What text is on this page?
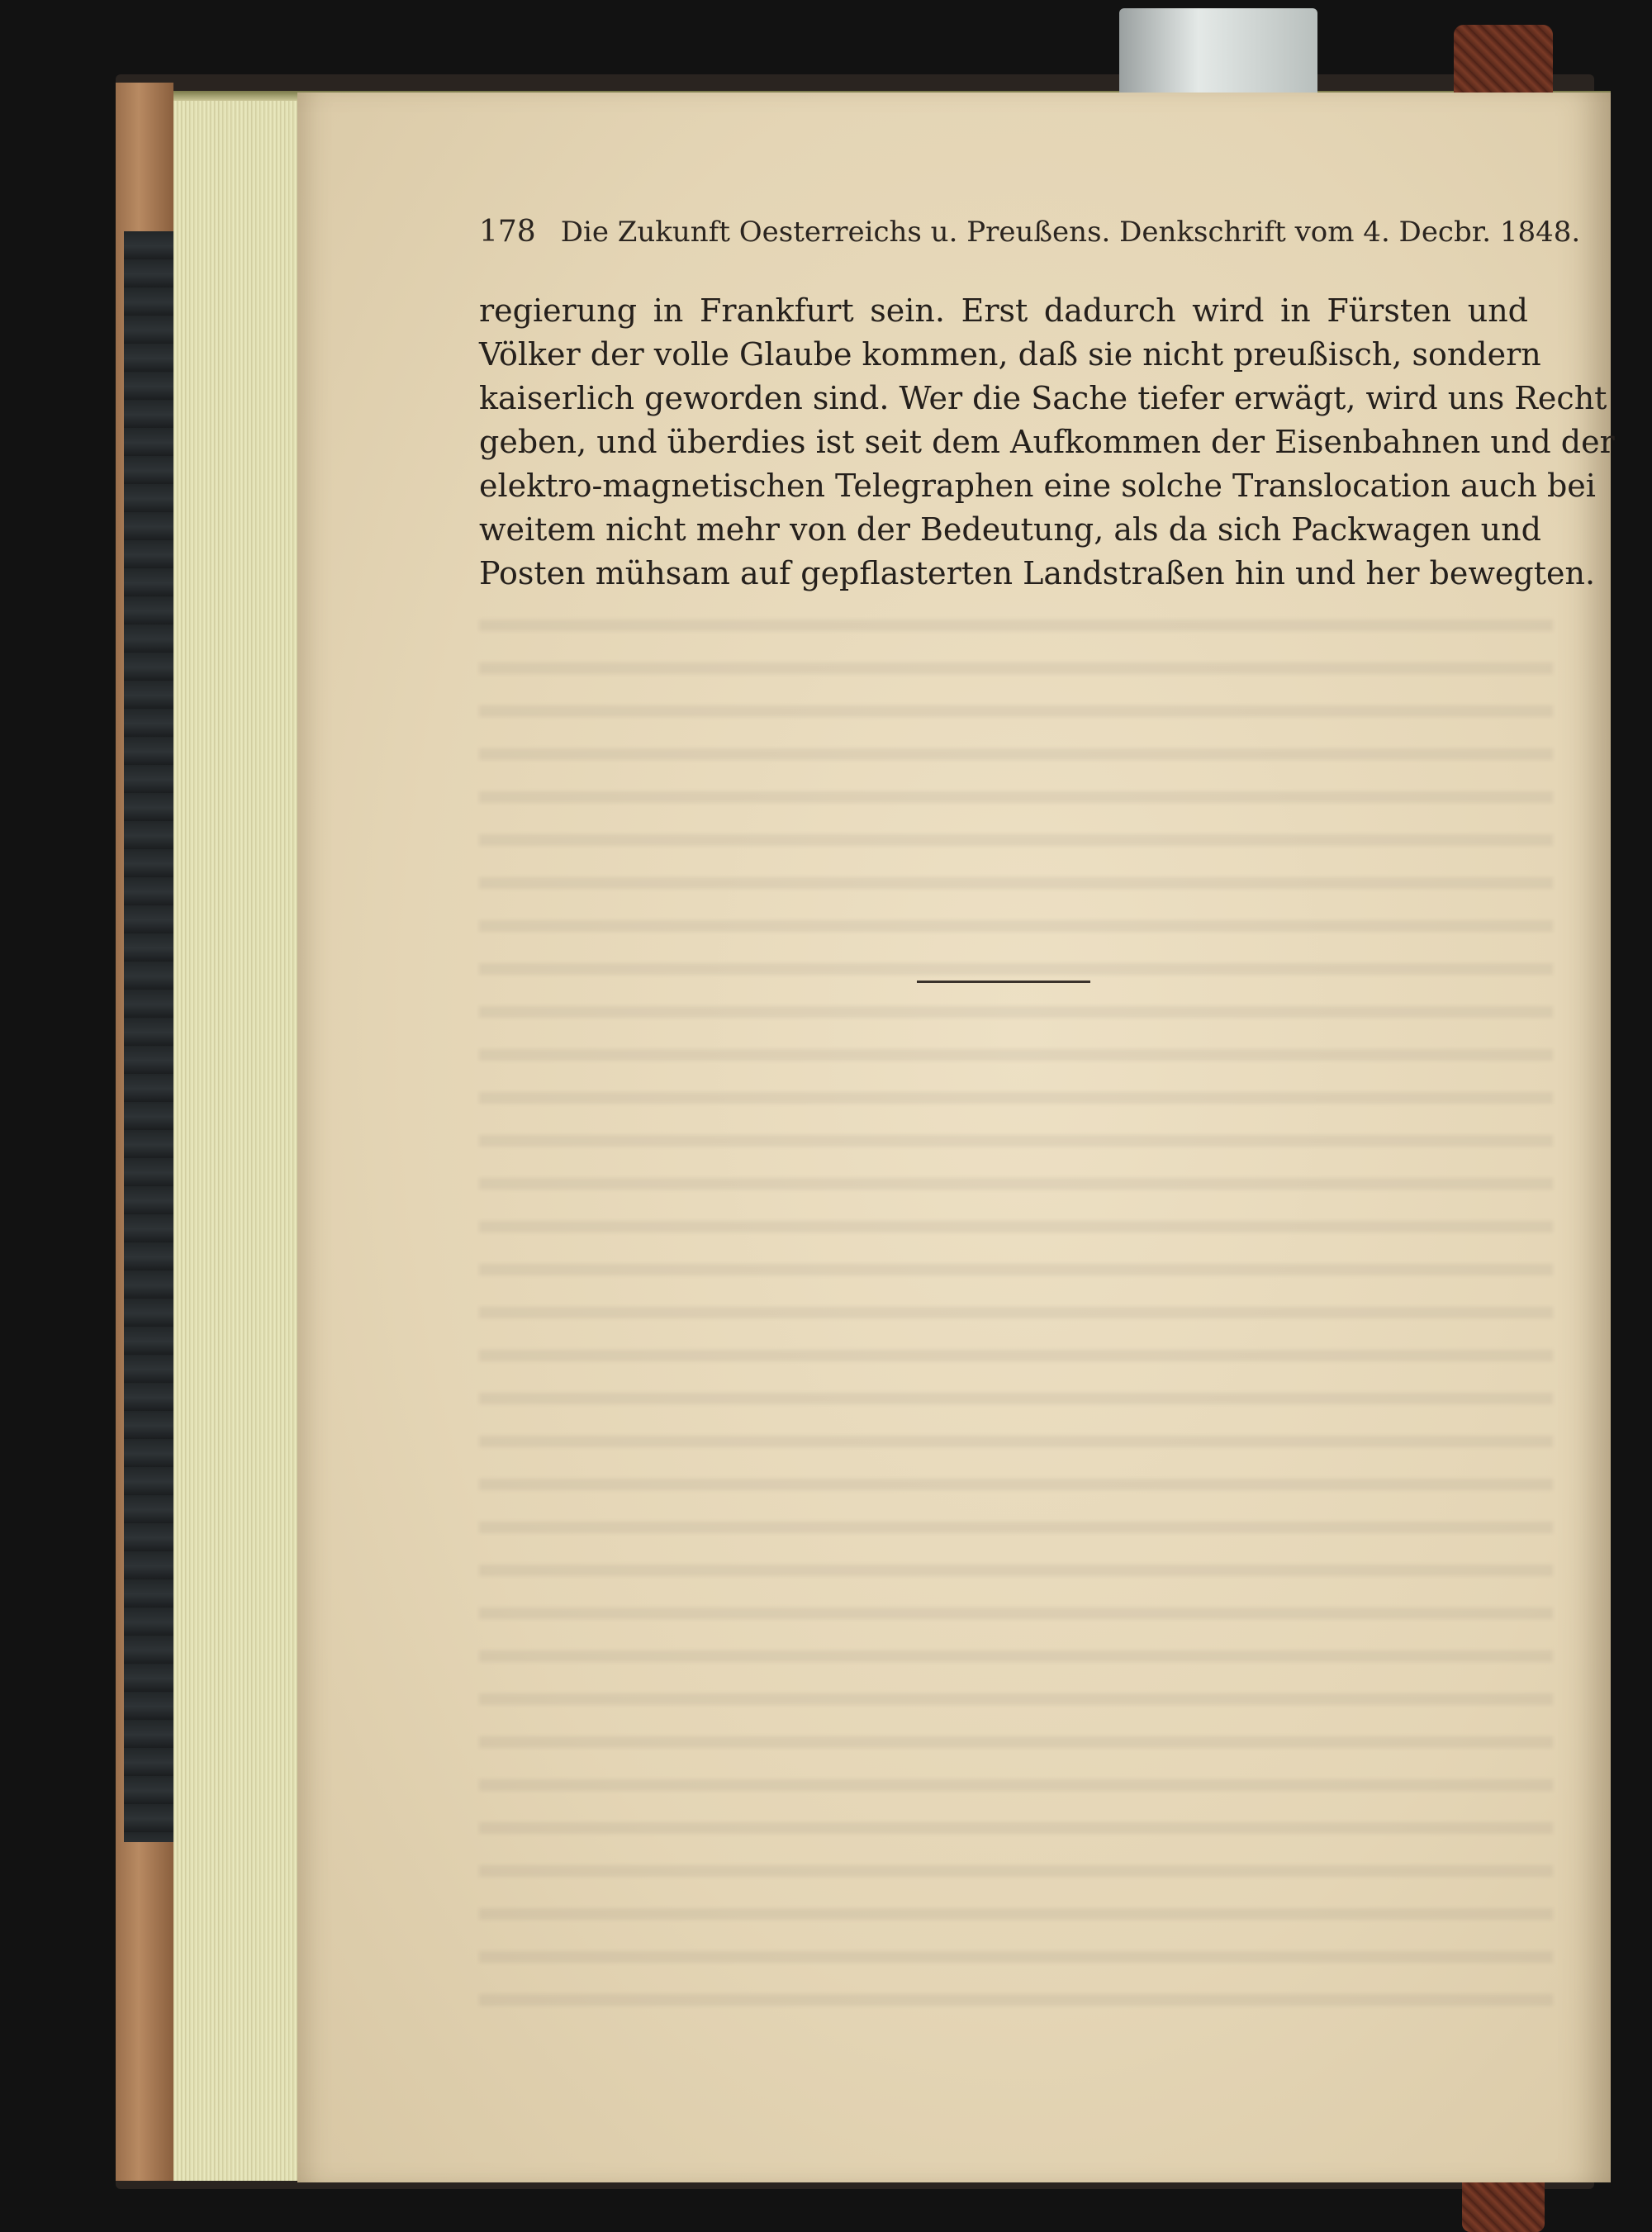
178 Die Zukunft Oesterreichs u. Preußens. Denkschrift vom 4. Decbr. 1848.

regierung in Frankfurt sein. Erst dadurch wird in Fürsten und

Völker der volle Glaube kommen, daß sie nicht preußisch, sondern

kaiserlich geworden sind. Wer die Sache tiefer erwägt, wird uns Recht

geben, und überdies ist seit dem Aufkommen der Eisenbahnen und der

elektro-magnetischen Telegraphen eine solche Translocation auch bei

weitem nicht mehr von der Bedeutung, als da sich Packwagen und

Posten mühsam auf gepflasterten Landstraßen hin und her bewegten.
